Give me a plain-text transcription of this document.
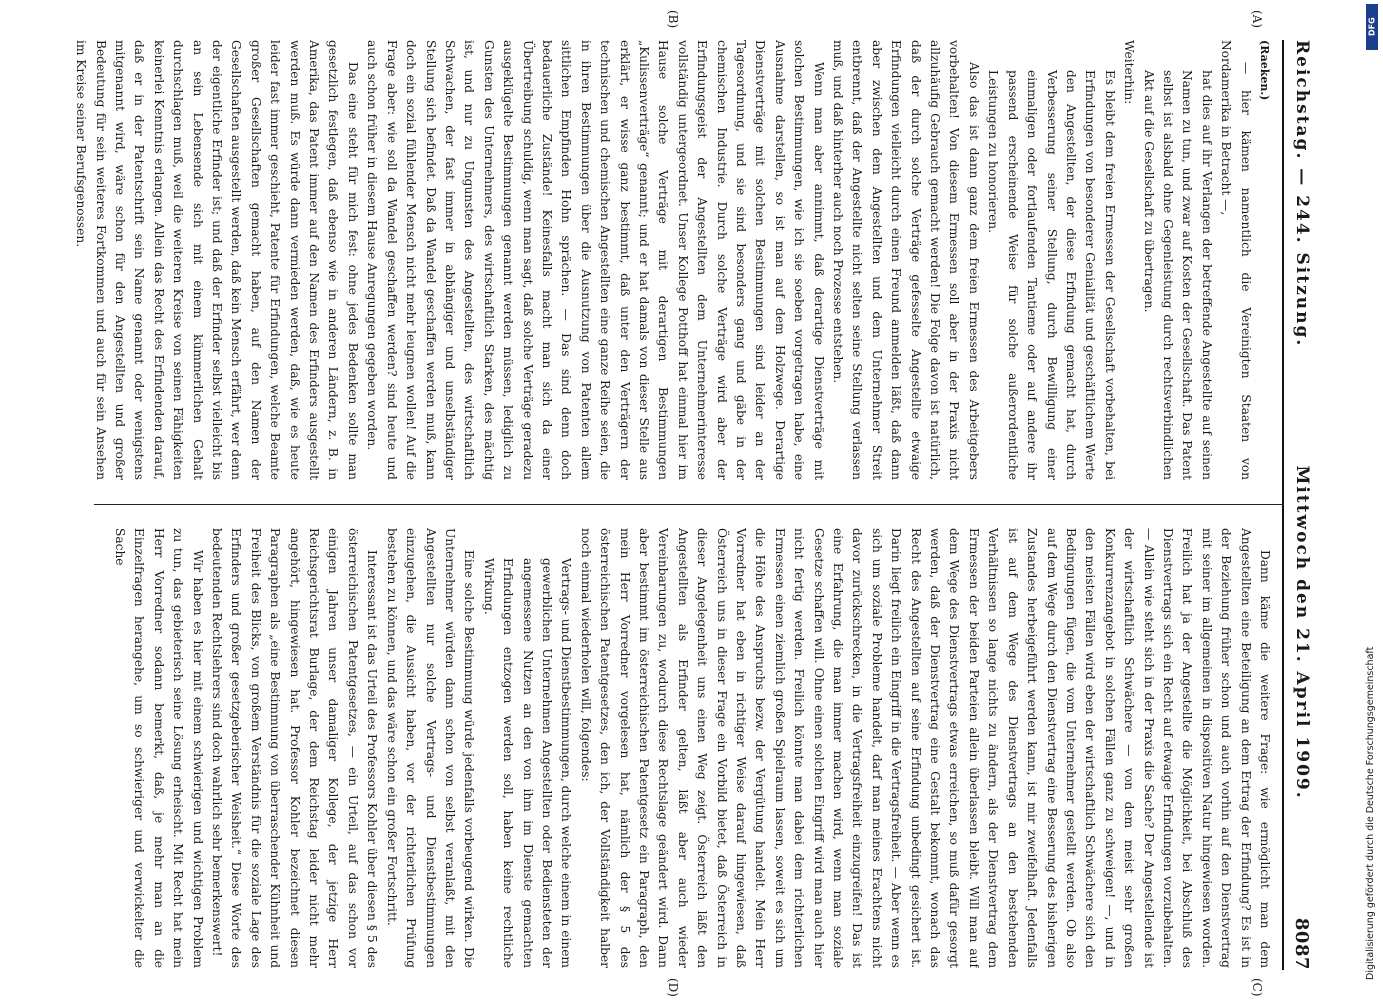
Reichstag. — 244. Sitzung.
Mittwoch den 21. April 1909.
8087
(A)
(B)
(C)
(D)

(Raeken.)

— hier kämen namentlich die Vereinigten Staaten von Nordamerika in Betracht —,

hat dies auf ihr Verlangen der betreffende Angestellte auf seinen Namen zu tun, und zwar auf Kosten der Gesellschaft. Das Patent selbst ist alsbald ohne Gegenleistung durch rechtsverbindlichen Akt auf die Gesellschaft zu übertragen.

Weiterhin:

Es bleibt dem freien Ermessen der Gesellschaft vorbehalten, bei Erfindungen von besonderer Genialität und geschäftlichem Werte den Angestellten, der diese Erfindung gemacht hat, durch Verbesserung seiner Stellung, durch Bewilligung einer einmaligen oder fortlaufenden Tantieme oder auf andere ihr passend erscheinende Weise für solche außerordentliche Leistungen zu honorieren.

Also das ist dann ganz dem freien Ermessen des Arbeitgebers vorbehalten! Von diesem Ermessen soll aber in der Praxis nicht allzuhäufig Gebrauch gemacht werden! Die Folge davon ist natürlich, daß der durch solche Verträge gefesselte Angestellte etwaige Erfindungen vielleicht durch einen Freund anmelden läßt, daß dann aber zwischen dem Angestellten und dem Unternehmer Streit entbrennt, daß der Angestellte nicht selten seine Stellung verlassen muß, und daß hinterher auch noch Prozesse entstehen.

Wenn man aber annimmt, daß derartige Dienstverträge mit solchen Bestimmungen, wie ich sie soeben vorgetragen habe, eine Ausnahme darstellen, so ist man auf dem Holzwege. Derartige Dienstverträge mit solchen Bestimmungen sind leider an der Tagesordnung, und sie sind besonders gang und gäbe in der chemischen Industrie. Durch solche Verträge wird aber der Erfindungsgeist der Angestellten dem Unternehmerinteresse vollständig untergeordnet. Unser Kollege Potthoff hat einmal hier im Hause solche Verträge mit derartigen Bestimmungen „Kulissenverträge“ genannt; und er hat damals von dieser Stelle aus erklärt, er wisse ganz bestimmt, daß unter den Verträgern der technischen und chemischen Angestellten eine ganze Reihe seien, die in ihren Bestimmungen über die Ausnutzung von Patenten allem sittlichen Empfinden Hohn sprächen. — Das sind denn doch bedauerliche Zustände! Keinesfalls macht man sich da einer Übertreibung schuldig, wenn man sagt, daß solche Verträge geradezu ausgeklügelte Bestimmungen genannt werden müssen, lediglich zu Gunsten des Unternehmers, des wirtschaftlich Starken, des mächtig ist, und nur zu Ungunsten des Angestellten, des wirtschaftlich Schwachen, der fast immer in abhängiger und unselbständiger Stellung sich befindet. Daß da Wandel geschaffen werden muß, kann doch ein sozial fühlender Mensch nicht mehr leugnen wollen! Auf die Frage aber: wie soll da Wandel geschaffen werden? sind heute und auch schon früher in diesem Hause Anregungen gegeben worden.

Das eine steht für mich fest: ohne jedes Bedenken sollte man gesetzlich festlegen, daß ebenso wie in anderen Ländern, z. B. in Amerika, das Patent immer auf den Namen des Erfinders ausgestellt werden muß. Es würde dann vermieden werden, daß, wie es heute leider fast immer geschieht, Patente für Erfindungen, welche Beamte großer Gesellschaften gemacht haben, auf den Namen der Gesellschaften ausgestellt werden, daß kein Mensch erfährt, wer denn der eigentliche Erfinder ist; und daß der Erfinder selbst vielleicht bis an sein Lebensende sich mit einem kümmerlichen Gehalt durchschlagen muß, weil die weiteren Kreise von seinen Fähigkeiten keinerlei Kenntnis erlangen. Allein das Recht des Erfindenden darauf, daß er in der Patentschrift sein Name genannt oder wenigstens mitgenannt wird, wäre schon für den Angestellten und großer Bedeutung für sein weiteres Fortkommen und auch für sein Ansehen im Kreise seiner Berufsgenossen.

Dann käme die weitere Frage: wie ermöglicht man dem Angestellten eine Beteiligung an dem Ertrag der Erfindung? Es ist in der Beziehung früher schon und auch vorhin auf den Dienstvertrag mit seiner im allgemeinen in dispositiven Natur hingewiesen worden. Freilich hat ja der Angestellte die Möglichkeit, bei Abschluß des Dienstvertrags sich ein Recht auf etwaige Erfindungen vorzubehalten. — Allein wie steht sich in der Praxis die Sache? Der Angestellende ist der wirtschaftlich Schwächere — von dem meist sehr großen Konkurrenzangebot in solchen Fällen ganz zu schweigen! —, und in den meisten Fällen wird eben der wirtschaftlich Schwächere sich den Bedingungen fügen, die vom Unternehmer gestellt werden. Ob also auf dem Wege durch den Dienstvertrag eine Besserung des bisherigen Zustandes herbeigeführt werden kann, ist mir zweifelhaft. Jedenfalls ist auf dem Wege des Dienstvertrags an den bestehenden Verhältnissen so lange nichts zu ändern, als der Dienstvertrag dem Ermessen der beiden Parteien allein überlassen bleibt. Will man auf dem Wege des Dienstvertrags etwas erreichen, so muß dafür gesorgt werden, daß der Dienstvertrag eine Gestalt bekommt, wonach das Recht des Angestellten auf seine Erfindung unbedingt gesichert ist. Darin liegt freilich ein Eingriff in die Vertragsfreiheit. — Aber wenn es sich um soziale Probleme handelt, darf man meines Erachtens nicht davor zurückschrecken, in die Vertragsfreiheit einzugreifen! Das ist eine Erfahrung, die man immer machen wird, wenn man soziale Gesetze schaffen will. Ohne einen solchen Eingriff wird man auch hier nicht fertig werden. Freilich könnte man dabei dem richterlichen Ermessen einen ziemlich großen Spielraum lassen, soweit es sich um die Höhe des Anspruchs bezw. der Vergütung handelt. Mein Herr Vorredner hat eben in richtiger Weise darauf hingewiesen, daß Österreich uns in dieser Frage ein Vorbild bietet, daß Österreich in dieser Angelegenheit uns einen Weg zeigt. Österreich läßt den Angestellten als Erfinder gelten, läßt aber auch wieder Vereinbarungen zu, wodurch diese Rechtslage geändert wird. Dann aber bestimmt im österreichischen Patentgesetz ein Paragraph, den mein Herr Vorredner vorgelesen hat, nämlich der § 5 des österreichischen Patentgesetzes, den ich, der Vollständigkeit halber noch einmal wiederholen will, folgendes:

Vertrags- und Dienstbestimmungen, durch welche einem in einem gewerblichen Unternehmen Angestellten oder Bediensteten der angemessene Nutzen an den von ihm im Dienste gemachten Erfindungen entzogen werden soll, haben keine rechtliche Wirkung.

Eine solche Bestimmung würde jedenfalls vorbeugend wirken. Die Unternehmer würden dann schon von selbst veranlaßt, mit den Angestellten nur solche Vertrags- und Dienstbestimmungen einzugehen, die Aussicht haben, vor der richterlichen Prüfung bestehen zu können, und das wäre schon ein großer Fortschritt.

Interessant ist das Urteil des Professors Kohler über diesen § 5 des österreichischen Patentgesetzes, — ein Urteil, auf das schon vor einigen Jahren unser damaliger Kollege, der jetzige Herr Reichsgerichtsrat Burlage, der dem Reichstag leider nicht mehr angehört, hingewiesen hat. Professor Kohler bezeichnet diesen Paragraphen als „eine Bestimmung von überraschender Kühnheit und Freiheit des Blicks, von großem Verständnis für die soziale Lage des Erfinders und großer gesetzgeberischer Weisheit.“ Diese Worte des bedeutenden Rechtslehrers sind doch wahrlich sehr bemerkenswert!

Wir haben es hier mit einem schwierigen und wichtigen Problem zu tun, das gebieterisch seine Lösung erheischt. Mit Recht hat mein Herr Vorredner sodann bemerkt, daß, je mehr man an die Einzelfragen herangehe, um so schwieriger und verwickelter die Sache

DFG
Digitalisierung gefördert durch die Deutsche Forschungsgemeinschaft
